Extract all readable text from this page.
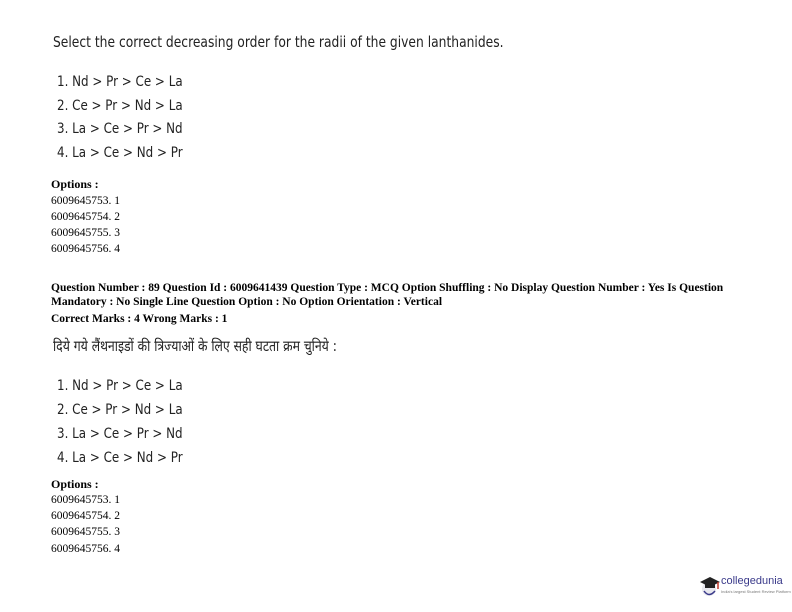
Select the correct decreasing order for the radii of the given lanthanides.
1. Nd > Pr > Ce > La
2. Ce > Pr > Nd > La
3. La > Ce > Pr > Nd
4. La > Ce > Nd > Pr
Options :
6009645753. 1
6009645754. 2
6009645755. 3
6009645756. 4
Question Number : 89 Question Id : 6009641439 Question Type : MCQ Option Shuffling : No Display Question Number : Yes Is Question Mandatory : No Single Line Question Option : No Option Orientation : Vertical
Correct Marks : 4 Wrong Marks : 1
दिये गये लैंथनाइडों की त्रिज्याओं के लिए सही घटता क्रम चुनिये :
1. Nd > Pr > Ce > La
2. Ce > Pr > Nd > La
3. La > Ce > Pr > Nd
4. La > Ce > Nd > Pr
Options :
6009645753. 1
6009645754. 2
6009645755. 3
6009645756. 4
collegedunia
India's largest Student Review Platform
